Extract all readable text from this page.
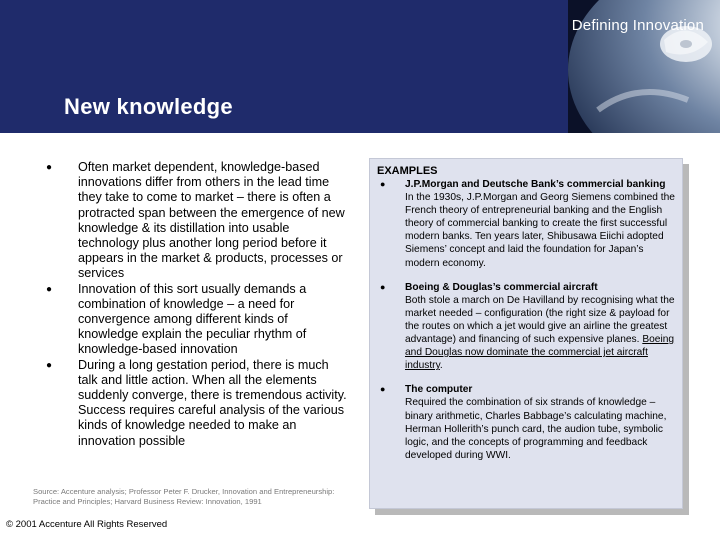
Defining Innovation
New knowledge
● Often market dependent, knowledge-based innovations differ from others in the lead time they take to come to market – there is often a protracted span between the emergence of new knowledge & its distillation into usable technology plus another long period before it appears in the market & products, processes or services
● Innovation of this sort usually demands a combination of knowledge – a need for convergence among different kinds of knowledge explain the peculiar rhythm of knowledge-based innovation
● During a long gestation period, there is much talk and little action. When all the elements suddenly converge, there is tremendous activity. Success requires careful analysis of the various kinds of knowledge needed to make an innovation possible
Source: Accenture analysis; Professor Peter F. Drucker, Innovation and Entrepreneurship: Practice and Principles; Harvard Business Review: Innovation, 1991
© 2001 Accenture All Rights Reserved
EXAMPLES
● J.P.Morgan and Deutsche Bank’s commercial banking
In the 1930s, J.P.Morgan and Georg Siemens combined the French theory of entrepreneurial banking and the English theory of commercial banking to create the first successful modern banks. Ten years later, Shibusawa Eiichi adopted Siemens’ concept and laid the foundation for Japan’s modern economy.
● Boeing & Douglas’s commercial aircraft
Both stole a march on De Havilland by recognising what the market needed – configuration (the right size & payload for the routes on which a jet would give an airline the greatest advantage) and financing of such expensive planes. Boeing and Douglas now dominate the commercial jet aircraft industry.
● The computer
Required the combination of six strands of knowledge – binary arithmetic, Charles Babbage’s calculating machine, Herman Hollerith’s punch card, the audion tube, symbolic logic, and the concepts of programming and feedback developed during WWI.
